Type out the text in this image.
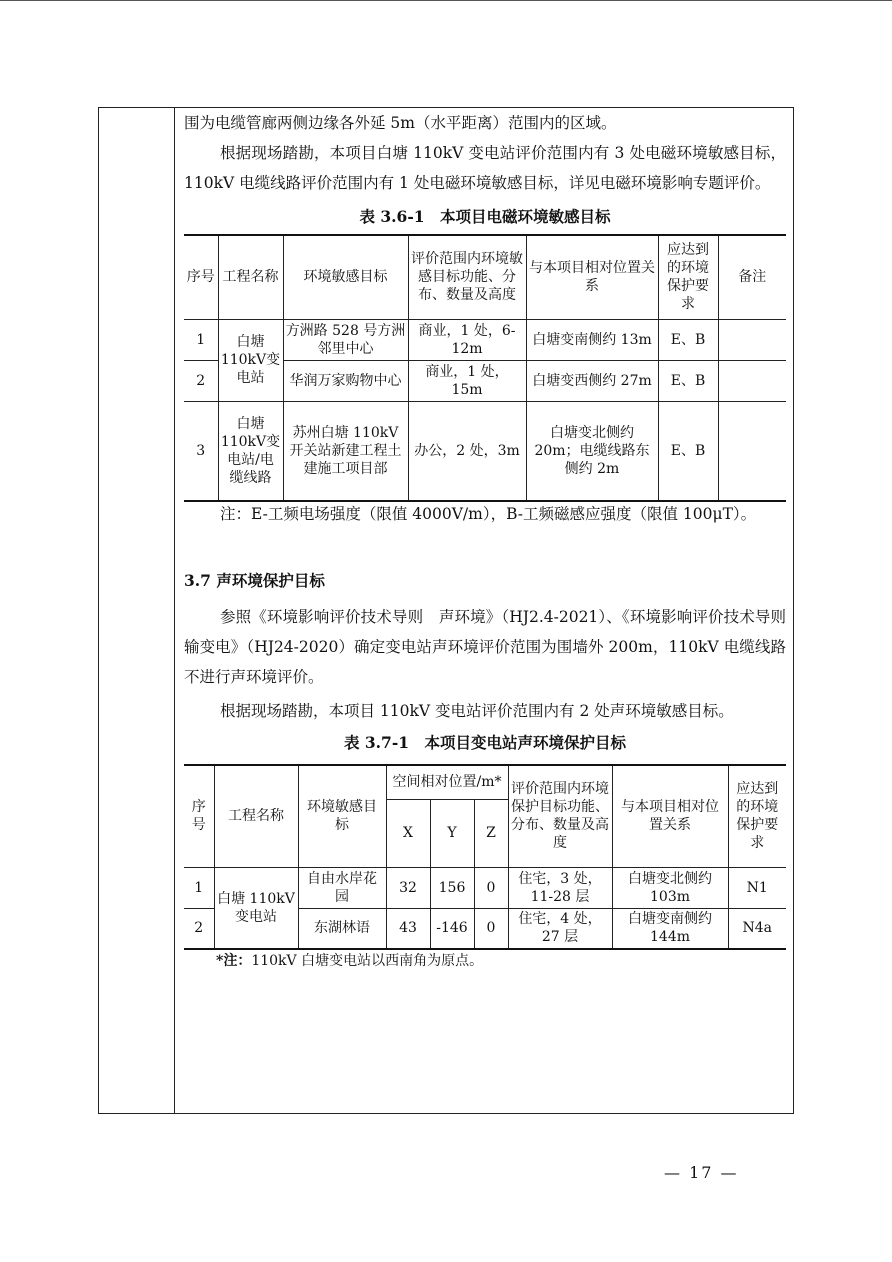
围为电缆管廊两侧边缘各外延 5m（水平距离）范围内的区域。

根据现场踏勘，本项目白塘 110kV 变电站评价范围内有 3 处电磁环境敏感目标，110kV 电缆线路评价范围内有 1 处电磁环境敏感目标，详见电磁环境影响专题评价。

表 3.6-1　本项目电磁环境敏感目标

序号	工程名称	环境敏感目标	评价范围内环境敏感目标功能、分布、数量及高度	与本项目相对位置关系	应达到的环境保护要求	备注
1	白塘110kV变电站	方洲路 528 号方洲邻里中心	商业，1 处，6-12m	白塘变南侧约 13m	E、B	
2		华润万家购物中心	商业，1 处，15m	白塘变西侧约 27m	E、B	
3	白塘110kV变电站/电缆线路	苏州白塘 110kV 开关站新建工程土建施工项目部	办公，2 处，3m	白塘变北侧约 20m；电缆线路东侧约 2m	E、B	

注：E-工频电场强度（限值 4000V/m），B-工频磁感应强度（限值 100μT）。

3.7 声环境保护目标

参照《环境影响评价技术导则　声环境》（HJ2.4-2021）、《环境影响评价技术导则　输变电》（HJ24-2020）确定变电站声环境评价范围为围墙外 200m，110kV 电缆线路不进行声环境评价。

根据现场踏勘，本项目 110kV 变电站评价范围内有 2 处声环境敏感目标。

表 3.7-1　本项目变电站声环境保护目标

序号	工程名称	环境敏感目标	空间相对位置/m*			评价范围内环境保护目标功能、分布、数量及高度	与本项目相对位置关系	应达到的环境保护要求
			X	Y	Z			
1	白塘 110kV 变电站	自由水岸花园	32	156	0	住宅，3 处，11-28 层	白塘变北侧约 103m	N1
2		东湖林语	43	-146	0	住宅，4 处，27 层	白塘变南侧约 144m	N4a

*注：110kV 白塘变电站以西南角为原点。

— 17 —
